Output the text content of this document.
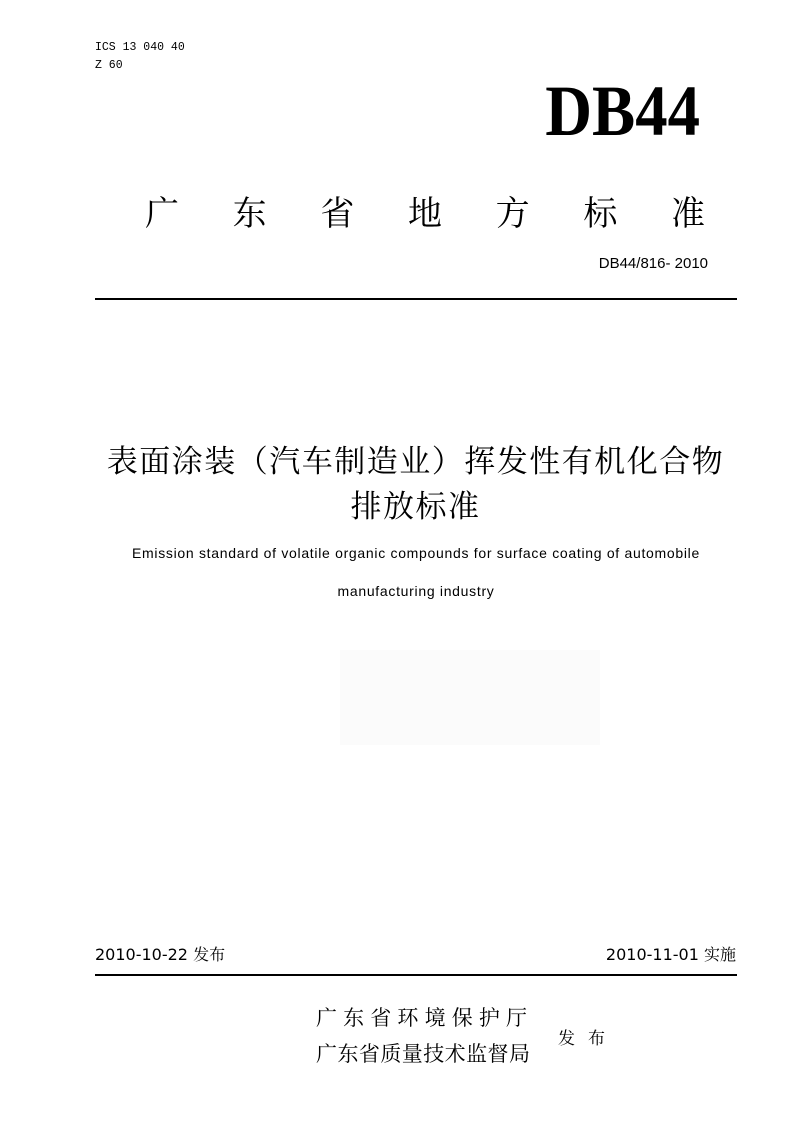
ICS 13 040 40
Z 60
DB44
广 东 省 地 方 标 准
DB44/816- 2010
表面涂装（汽车制造业）挥发性有机化合物
排放标准
Emission standard of volatile organic compounds for surface coating of automobile
manufacturing industry
2010-10-22 发布	2010-11-01 实施
广东省环境保护厅
广东省质量技术监督局
发 布
